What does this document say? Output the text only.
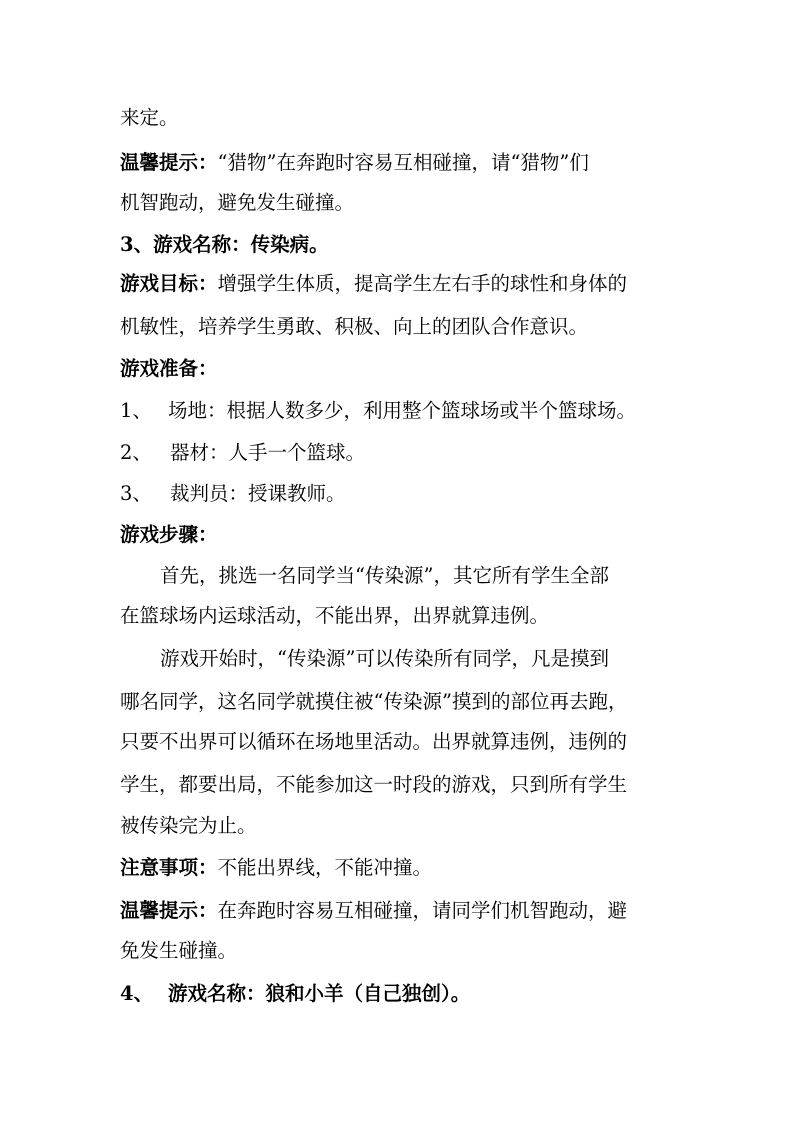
来定。
温馨提示：“猎物”在奔跑时容易互相碰撞，请“猎物”们
机智跑动，避免发生碰撞。
3、游戏名称：传染病。
游戏目标：增强学生体质，提高学生左右手的球性和身体的
机敏性，培养学生勇敢、积极、向上的团队合作意识。
游戏准备：
1、 场地：根据人数多少，利用整个篮球场或半个篮球场。
2、 器材：人手一个篮球。
3、 裁判员：授课教师。
游戏步骤：
首先，挑选一名同学当“传染源”，其它所有学生全部
在篮球场内运球活动，不能出界，出界就算违例。
游戏开始时，“传染源”可以传染所有同学，凡是摸到
哪名同学，这名同学就摸住被“传染源”摸到的部位再去跑，
只要不出界可以循环在场地里活动。出界就算违例，违例的
学生，都要出局，不能参加这一时段的游戏，只到所有学生
被传染完为止。
注意事项：不能出界线，不能冲撞。
温馨提示：在奔跑时容易互相碰撞，请同学们机智跑动，避
免发生碰撞。
4、 游戏名称：狼和小羊（自己独创）。
